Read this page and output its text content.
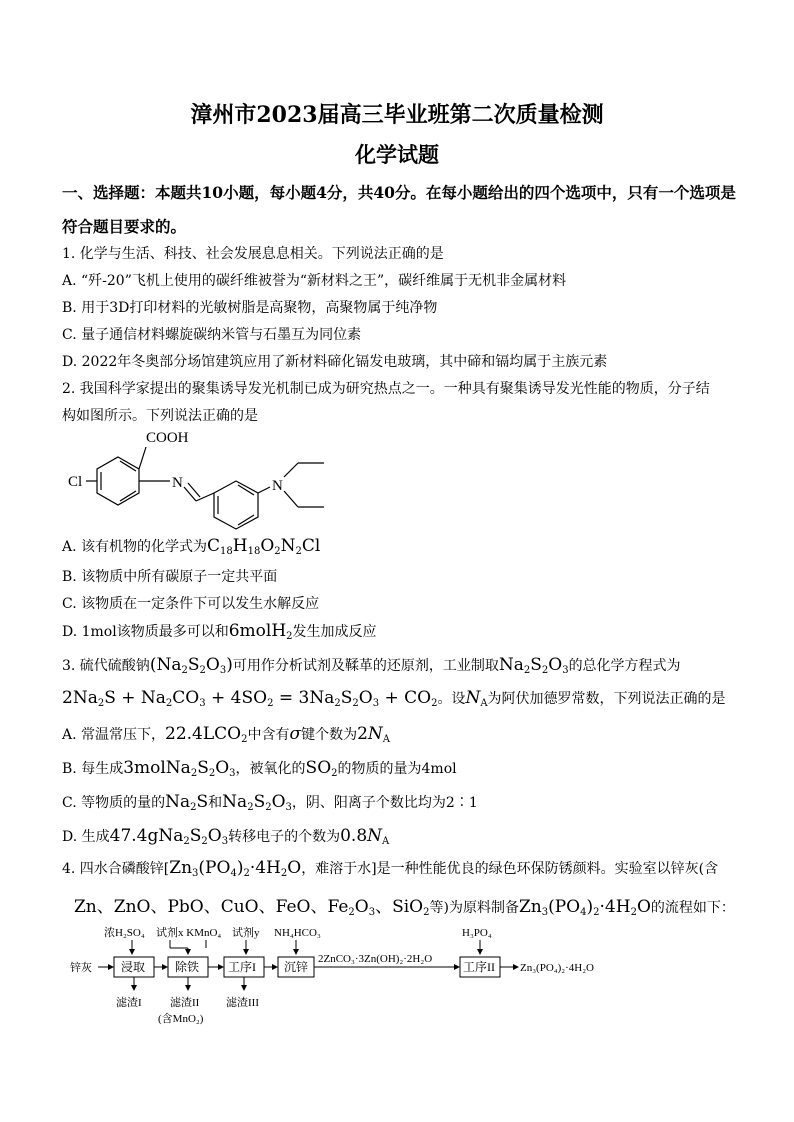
漳州市2023届高三毕业班第二次质量检测
化学试题
一、选择题：本题共10小题，每小题4分，共40分。在每小题给出的四个选项中，只有一个选项是符合题目要求的。
1. 化学与生活、科技、社会发展息息相关。下列说法正确的是
A. “歼-20”飞机上使用的碳纤维被誉为“新材料之王”，碳纤维属于无机非金属材料
B. 用于3D打印材料的光敏树脂是高聚物，高聚物属于纯净物
C. 量子通信材料螺旋碳纳米管与石墨互为同位素
D. 2022年冬奥部分场馆建筑应用了新材料碲化镉发电玻璃，其中碲和镉均属于主族元素
2. 我国科学家提出的聚集诱导发光机制已成为研究热点之一。一种具有聚集诱导发光性能的物质，分子结
构如图所示。下列说法正确的是
COOH
Cl	N	N
A. 该有机物的化学式为$C_{18}H_{18}O_2N_2Cl$
B. 该物质中所有碳原子一定共平面
C. 该物质在一定条件下可以发生水解反应
D. 1mol该物质最多可以和6molH$_2$发生加成反应
3. 硫代硫酸钠$(Na_2S_2O_3)$可用作分析试剂及鞣革的还原剂，工业制取$Na_2S_2O_3$的总化学方程式为
$2Na_2S + Na_2CO_3 + 4SO_2 = 3Na_2S_2O_3 + CO_2$。设$N_A$为阿伏加德罗常数，下列说法正确的是
A. 常温常压下，$22.4LCO_2$中含有σ键个数为$2N_A$
B. 每生成$3molNa_2S_2O_3$，被氧化的$SO_2$的物质的量为4mol
C. 等物质的量的$Na_2S$和$Na_2S_2O_3$，阴、阳离子个数比均为2∶1
D. 生成$47.4gNa_2S_2O_3$转移电子的个数为$0.8N_A$
4. 四水合磷酸锌[$Zn_3(PO_4)_2\cdot 4H_2O$，难溶于水]是一种性能优良的绿色环保防锈颜料。实验室以锌灰(含
Zn、ZnO、PbO、CuO、FeO、$Fe_2O_3$、SiO$_2$等)为原料制备$Zn_3(PO_4)_2\cdot 4H_2O$的流程如下：
浓H₂SO₄ 试剂x KMnO₄ 试剂y NH₄HCO₃	H₃PO₄
锌灰 浸取 除铁 工序I 沉锌	工序II
2ZnCO₃·3Zn(OH)₂·2H₂O
Zn₃(PO₄)₂·4H₂O
滤渣I	滤渣II 滤渣III
(含MnO₂)
